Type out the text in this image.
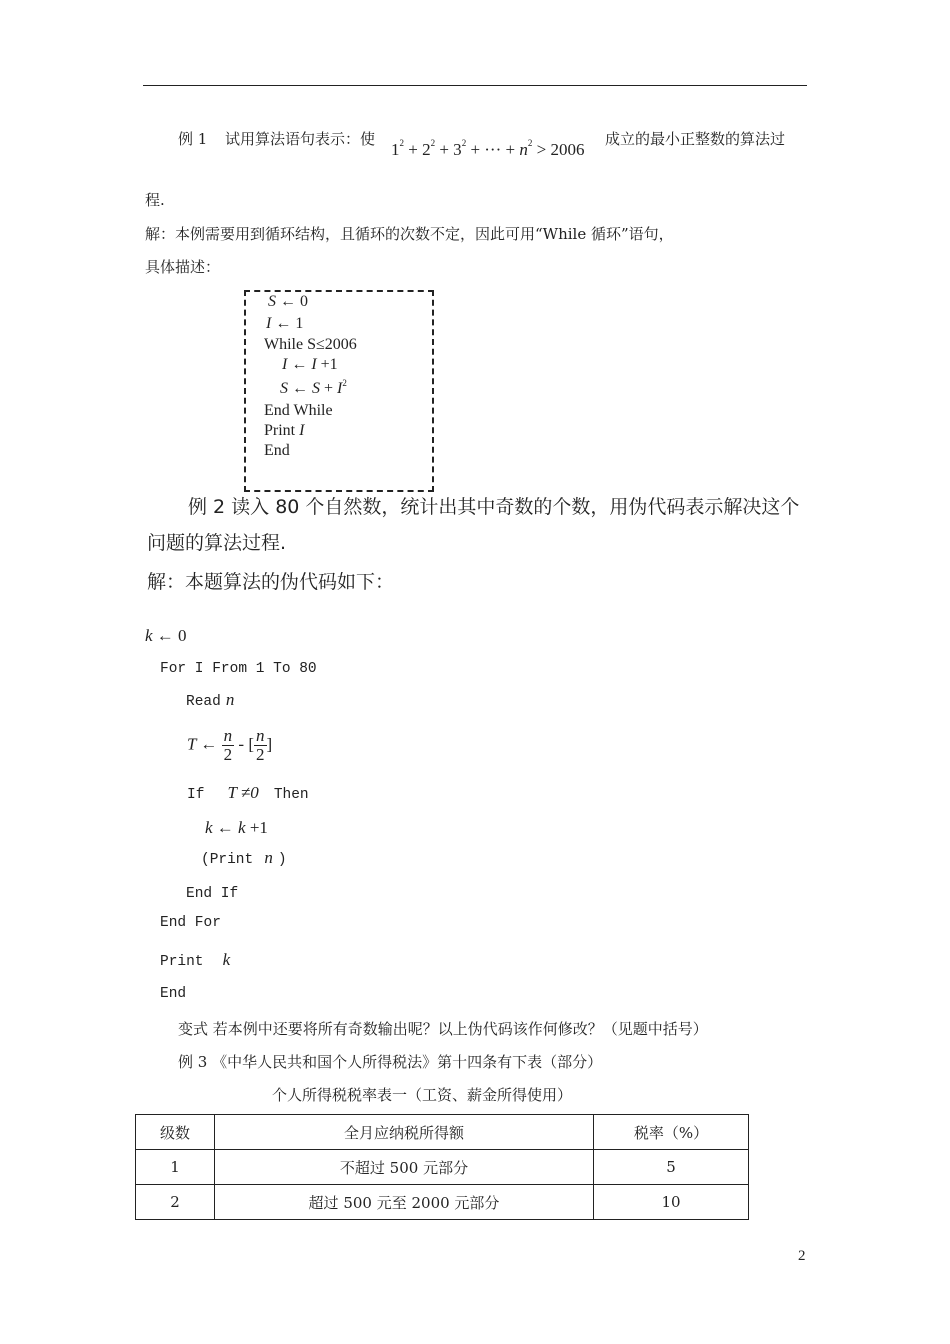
例 1 试用算法语句表示：使
$1^2 + 2^2 + 3^2$ + ··· + $n^2 > 2006$
成立的最小正整数的算法过
程.
解：本例需要用到循环结构，且循环的次数不定，因此可用“While 循环”语句，
具体描述：
S ← 0
I ← 1
While S≤2006
I ← I +1
S ← $S + I^2$
End While
Print I
End
例 2 读入 80 个自然数，统计出其中奇数的个数，用伪代码表示解决这个
问题的算法过程.
解：本题算法的伪代码如下：
k ← 0
For I From 1 To 80
Read n
T ← $\frac{n}{2}$ - [ $\frac{n}{2}$ ]
If T ≠0 Then
k ← k +1
(Print n )
End If
End For
Print k
End
变式 若本例中还要将所有奇数输出呢？以上伪代码该作何修改？（见题中括号）
例 3 《中华人民共和国个人所得税法》第十四条有下表（部分）
个人所得税税率表一（工资、薪金所得使用）
级数	全月应纳税所得额	税率（%）
1	不超过 500 元部分	5
2	超过 500 元至 2000 元部分	10
2
